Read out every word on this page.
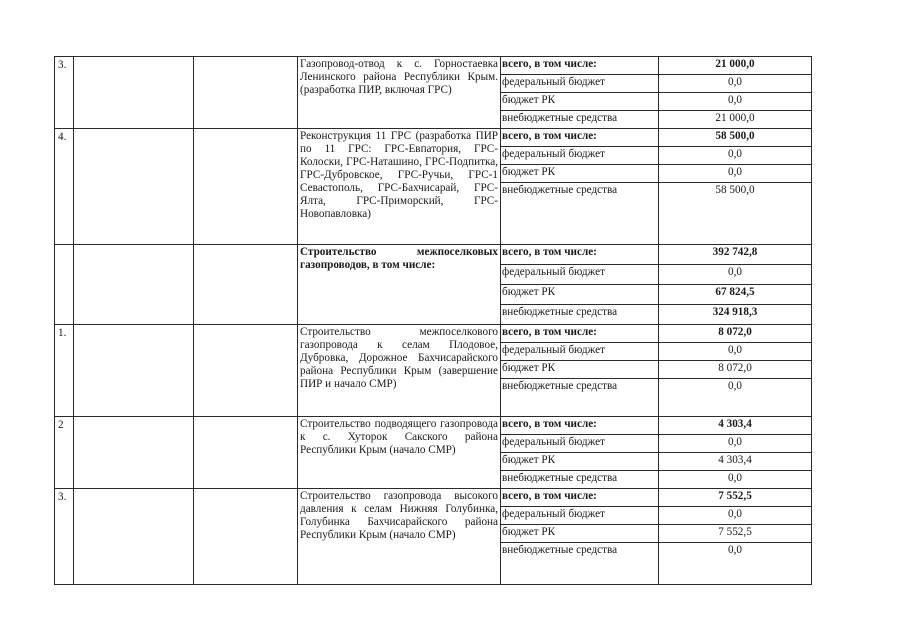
3.			Газопровод-отвод к с. Горностаевка Ленинского района Республики Крым.(разработка ПИР, включая ГРС)	всего, в том числе:	21 000,0
				федеральный бюджет	0,0
				бюджет РК	0,0
				внебюджетные средства	21 000,0
4.			Реконструкция 11 ГРС (разработка ПИР по 11 ГРС: ГРС-Евпатория, ГРС-Колоски, ГРС-Наташино, ГРС-Подпитка, ГРС-Дубровское, ГРС-Ручьи, ГРС-1 Севастополь, ГРС-Бахчисарай, ГРС-Ялта, ГРС-Приморский, ГРС-Новопавловка)	всего, в том числе:	58 500,0
				федеральный бюджет	0,0
				бюджет РК	0,0
				внебюджетные средства	58 500,0
			Строительство межпоселковых газопроводов, в том числе:	всего, в том числе:	392 742,8
				федеральный бюджет	0,0
				бюджет РК	67 824,5
				внебюджетные средства	324 918,3
1.			Строительство межпоселкового газопровода к селам Плодовое, Дубровка, Дорожное Бахчисарайского района Республики Крым (завершение ПИР и начало СМР)	всего, в том числе:	8 072,0
				федеральный бюджет	0,0
				бюджет РК	8 072,0
				внебюджетные средства	0,0
2			Строительство подводящего газопровода к с. Хуторок Сакского района Республики Крым (начало СМР)	всего, в том числе:	4 303,4
				федеральный бюджет	0,0
				бюджет РК	4 303,4
				внебюджетные средства	0,0
3.			Строительство газопровода высокого давления к селам Нижняя Голубинка, Голубинка Бахчисарайского района Республики Крым (начало СМР)	всего, в том числе:	7 552,5
				федеральный бюджет	0,0
				бюджет РК	7 552,5
				внебюджетные средства	0,0
